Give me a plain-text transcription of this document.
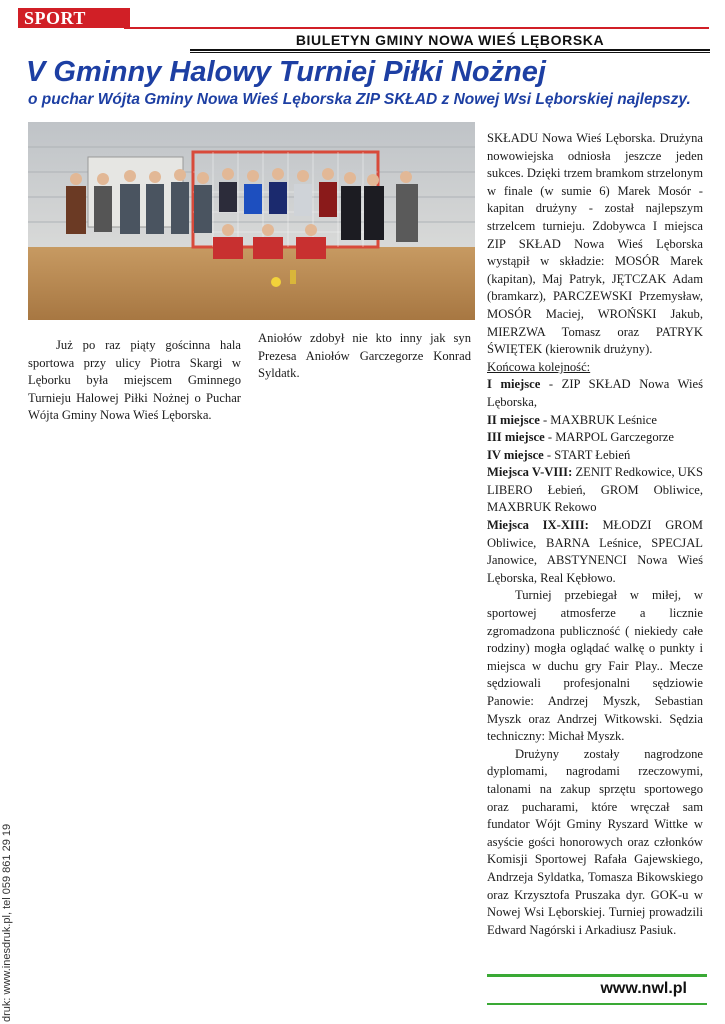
SPORT
BIULETYN GMINY NOWA WIEŚ LĘBORSKA
V Gminny Halowy Turniej Piłki Nożnej
o puchar Wójta Gminy Nowa Wieś Lęborska ZIP SKŁAD z Nowej Wsi Lęborskiej najlepszy.

Już po raz piąty gościnna hala sportowa przy ulicy Piotra Skargi w Lęborku była miejscem Gminnego Turnieju Halowej Piłki Nożnej o Puchar Wójta Gminy Nowa Wieś Lęborska.

Aniołów zdobył nie kto inny jak syn Prezesa Aniołów Garczegorze Konrad Syldatk.

SKŁADU Nowa Wieś Lęborska. Drużyna nowowiejska odniosła jeszcze jeden sukces. Dzięki trzem bramkom strzelonym w finale (w sumie 6) Marek Mosór - kapitan drużyny - został najlepszym strzelcem turnieju. Zdobywca I miejsca ZIP SKŁAD Nowa Wieś Lęborska wystąpił w składzie: MOSÓR Marek (kapitan), Maj Patryk, JĘTCZAK Adam (bramkarz), PARCZEWSKI Przemysław, MOSÓR Maciej, WROŃSKI Jakub, MIERZWA Tomasz oraz PATRYK ŚWIĘTEK (kierownik drużyny).

Końcowa kolejność:

I miejsce - ZIP SKŁAD Nowa Wieś Lęborska,

II miejsce - MAXBRUK Leśnice

III miejsce - MARPOL Garczegorze

IV miejsce - START Łebień

Miejsca V-VIII: ZENIT Redkowice, UKS LIBERO Łebień, GROM Obliwice, MAXBRUK Rekowo

Miejsca IX-XIII: MŁODZI GROM Obliwice, BARNA Leśnice, SPECJAL Janowice, ABSTYNENCI Nowa Wieś Lęborska, Real Kębłowo.

Turniej przebiegał w miłej, w sportowej atmosferze a licznie zgromadzona publiczność ( niekiedy całe rodziny) mogła oglądać walkę o punkty i miejsca w duchu gry Fair Play.. Mecze sędziowali profesjonalni sędziowie Panowie: Andrzej Myszk, Sebastian Myszk oraz Andrzej Witkowski. Sędzia techniczny: Michał Myszk.

Drużyny zostały nagrodzone dyplomami, nagrodami rzeczowymi, talonami na zakup sprzętu sportowego oraz pucharami, które wręczał sam fundator Wójt Gminy Ryszard Wittke w asyście gości honorowych oraz członków Komisji Sportowej Rafała Gajewskiego, Andrzeja Syldatka, Tomasza Bikowskiego oraz Krzysztofa Pruszaka dyr. GOK-u w Nowej Wsi Lęborskiej. Turniej prowadzili Edward Nagórski i Arkadiusz Pasiuk.

druk: www.inesdruk.pl, tel 059 861 29 19	www.nwl.pl
